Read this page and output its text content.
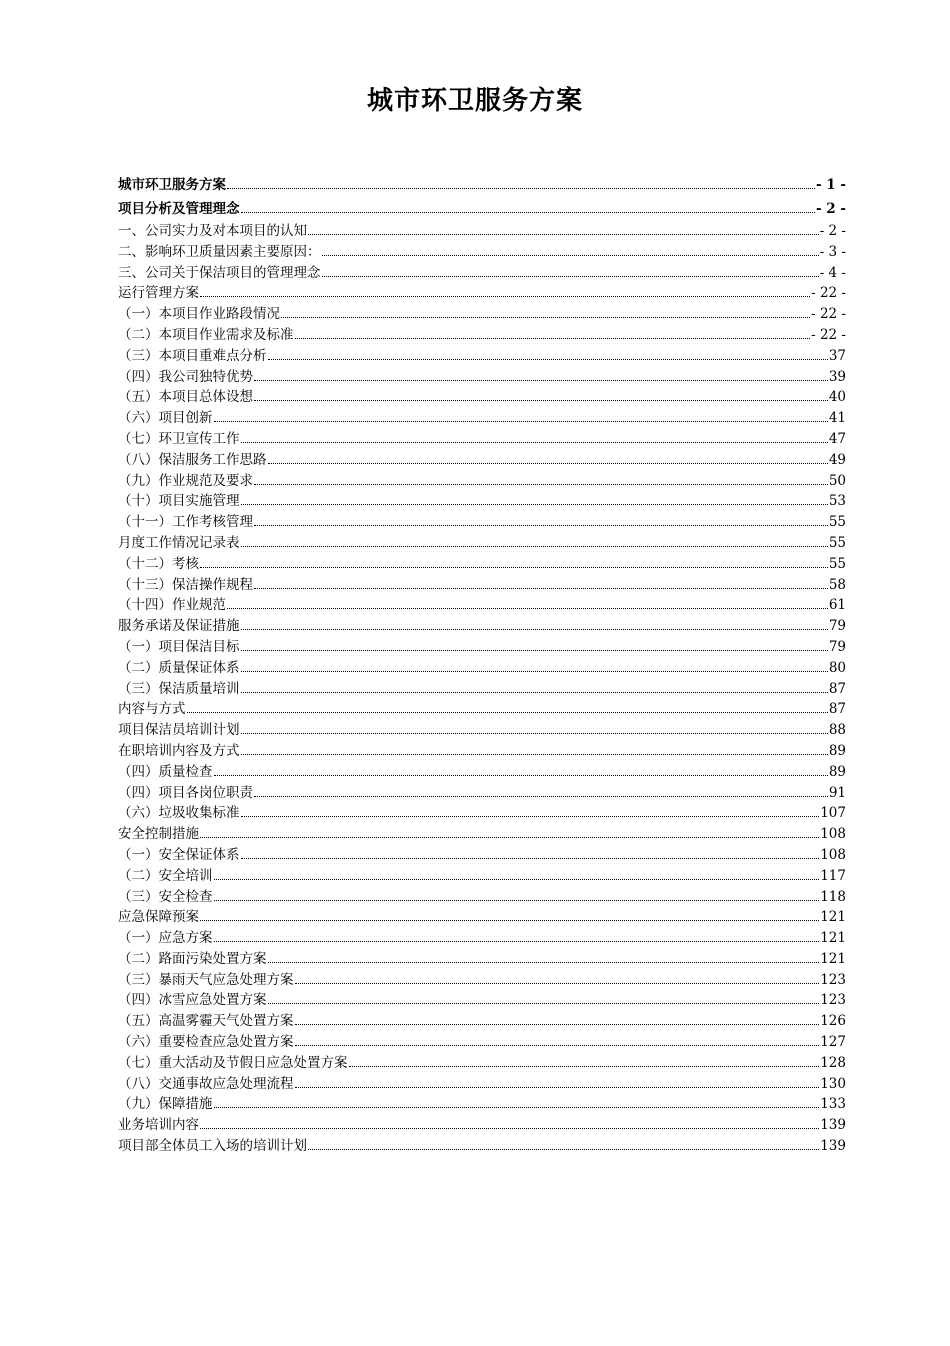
城市环卫服务方案
城市环卫服务方案	- 1 -
项目分析及管理理念	- 2 -
一、公司实力及对本项目的认知	- 2 -
二、影响环卫质量因素主要原因：	- 3 -
三、公司关于保洁项目的管理理念	- 4 -
运行管理方案	- 22 -
（一）本项目作业路段情况	- 22 -
（二）本项目作业需求及标准	- 22 -
（三）本项目重难点分析	37
（四）我公司独特优势	39
（五）本项目总体设想	40
（六）项目创新	41
（七）环卫宣传工作	47
（八）保洁服务工作思路	49
（九）作业规范及要求	50
（十）项目实施管理	53
（十一）工作考核管理	55
月度工作情况记录表	55
（十二）考核	55
（十三）保洁操作规程	58
（十四）作业规范	61
服务承诺及保证措施	79
（一）项目保洁目标	79
（二）质量保证体系	80
（三）保洁质量培训	87
内容与方式	87
项目保洁员培训计划	88
在职培训内容及方式	89
（四）质量检查	89
（四）项目各岗位职责	91
（六）垃圾收集标准	107
安全控制措施	108
（一）安全保证体系	108
（二）安全培训	117
（三）安全检查	118
应急保障预案	121
（一）应急方案	121
（二）路面污染处置方案	121
（三）暴雨天气应急处理方案	123
（四）冰雪应急处置方案	123
（五）高温雾霾天气处置方案	126
（六）重要检查应急处置方案	127
（七）重大活动及节假日应急处置方案	128
（八）交通事故应急处理流程	130
（九）保障措施	133
业务培训内容	139
项目部全体员工入场的培训计划	139
